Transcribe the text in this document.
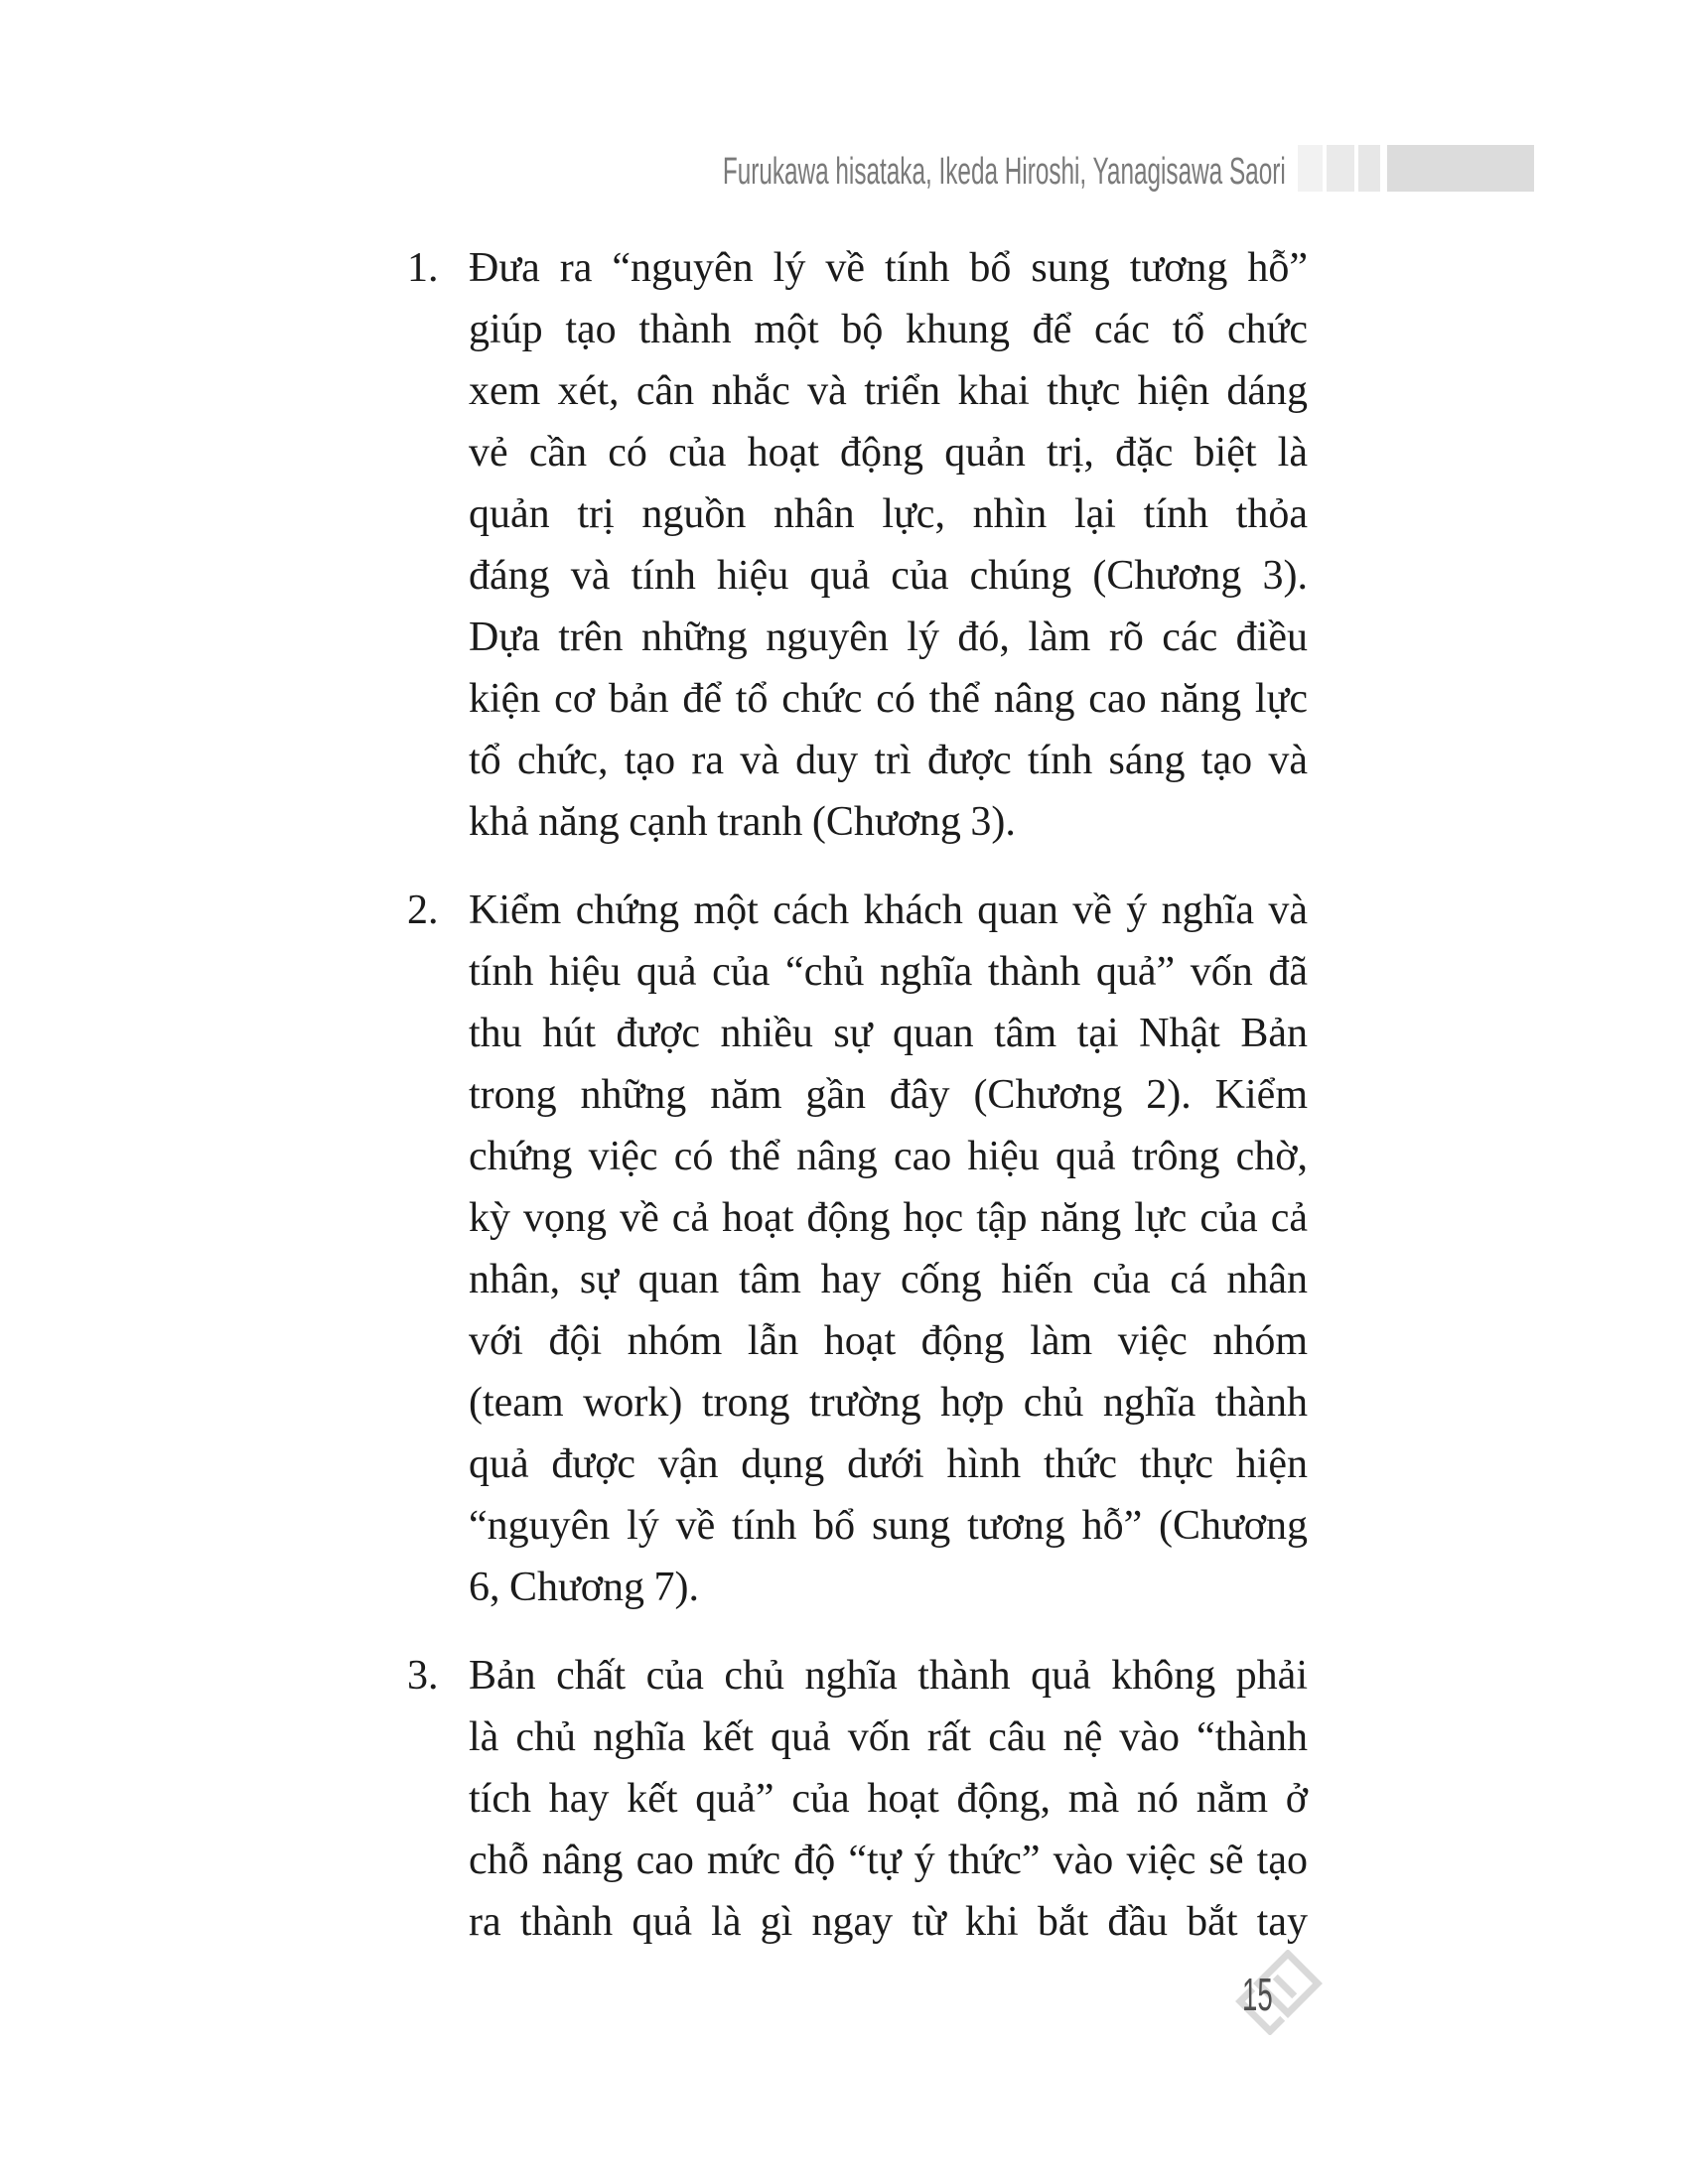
Furukawa hisataka, Ikeda Hiroshi, Yanagisawa Saori
1. Đưa ra “nguyên lý về tính bổ sung tương hỗ”
giúp tạo thành một bộ khung để các tổ chức
xem xét, cân nhắc và triển khai thực hiện dáng
vẻ cần có của hoạt động quản trị, đặc biệt là
quản trị nguồn nhân lực, nhìn lại tính thỏa
đáng và tính hiệu quả của chúng (Chương 3).
Dựa trên những nguyên lý đó, làm rõ các điều
kiện cơ bản để tổ chức có thể nâng cao năng lực
tổ chức, tạo ra và duy trì được tính sáng tạo và
khả năng cạnh tranh (Chương 3).
2. Kiểm chứng một cách khách quan về ý nghĩa và
tính hiệu quả của “chủ nghĩa thành quả” vốn đã
thu hút được nhiều sự quan tâm tại Nhật Bản
trong những năm gần đây (Chương 2). Kiểm
chứng việc có thể nâng cao hiệu quả trông chờ,
kỳ vọng về cả hoạt động học tập năng lực của cả
nhân, sự quan tâm hay cống hiến của cá nhân
với đội nhóm lẫn hoạt động làm việc nhóm
(team work) trong trường hợp chủ nghĩa thành
quả được vận dụng dưới hình thức thực hiện
“nguyên lý về tính bổ sung tương hỗ” (Chương
6, Chương 7).
3. Bản chất của chủ nghĩa thành quả không phải
là chủ nghĩa kết quả vốn rất câu nệ vào “thành
tích hay kết quả” của hoạt động, mà nó nằm ở
chỗ nâng cao mức độ “tự ý thức” vào việc sẽ tạo
ra thành quả là gì ngay từ khi bắt đầu bắt tay
15
